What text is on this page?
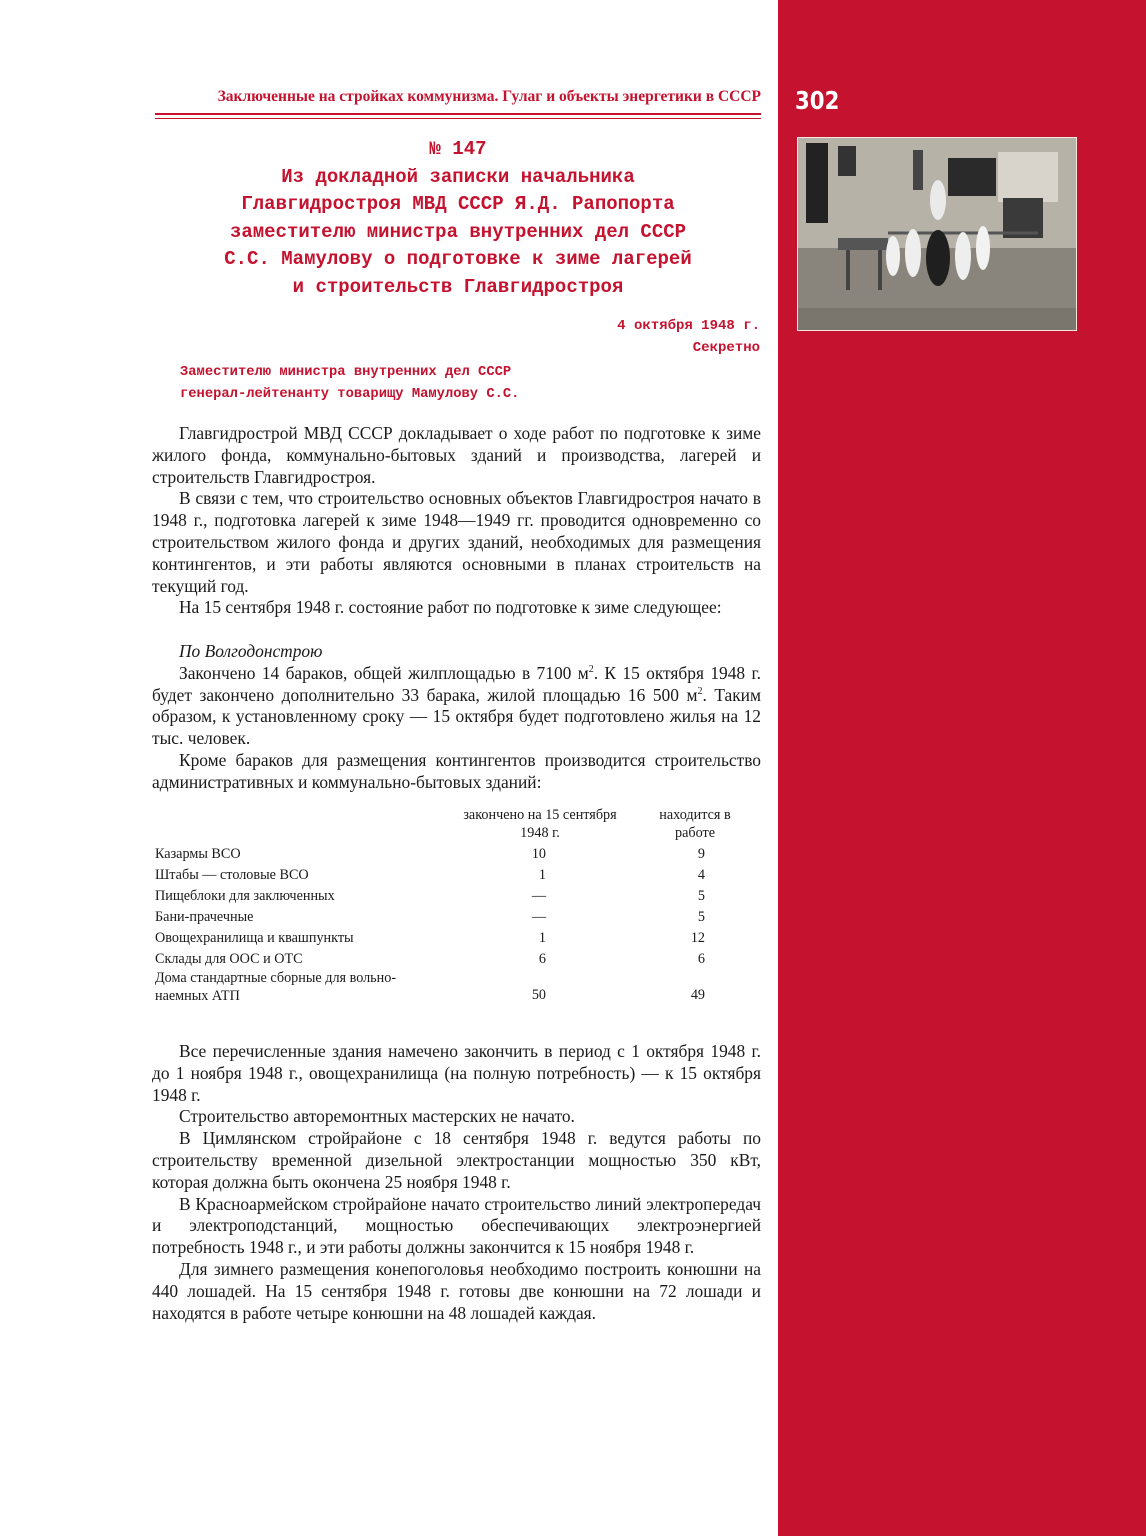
302
Заключенные на стройках коммунизма. Гулаг и объекты энергетики в СССР
№ 147
Из докладной записки начальника
Главгидростроя МВД СССР Я.Д. Рапопорта
заместителю министра внутренних дел СССР
С.С. Мамулову о подготовке к зиме лагерей
и строительств Главгидростроя
4 октября 1948 г.
Секретно
Заместителю министра внутренних дел СССР
генерал-лейтенанту товарищу Мамулову С.С.

Главгидрострой МВД СССР докладывает о ходе работ по подготовке к зиме жилого фонда, коммунально-бытовых зданий и производства, лагерей и строительств Главгидростроя.

В связи с тем, что строительство основных объектов Главгидростроя начато в 1948 г., подготовка лагерей к зиме 1948—1949 гг. проводится одновременно со строительством жилого фонда и других зданий, необходимых для размещения контингентов, и эти работы являются основными в планах строительств на текущий год.

На 15 сентября 1948 г. состояние работ по подготовке к зиме следующее:

По Волгодонстрою

Закончено 14 бараков, общей жилплощадью в 7100 $м^2$. К 15 октября 1948 г. будет закончено дополнительно 33 барака, жилой площадью 16 500 $м^2$. Таким образом, к установленному сроку — 15 октября будет подготовлено жилья на 12 тыс. человек.

Кроме бараков для размещения контингентов производится строительство административных и коммунально-бытовых зданий:

закончено на 15 сентября
1948 г.
находится в
работе
Казармы ВСО	10	9
Штабы — столовые ВСО	1	4
Пищеблоки для заключенных	—	5
Бани-прачечные	—	5
Овощехранилища и квашпункты	1	12
Склады для ООС и ОТС	6	6
Дома стандартные сборные для вольно-
наемных АТП	50	49

Все перечисленные здания намечено закончить в период с 1 октября 1948 г. до 1 ноября 1948 г., овощехранилища (на полную потребность) — к 15 октября 1948 г.

Строительство авторемонтных мастерских не начато.

В Цимлянском стройрайоне с 18 сентября 1948 г. ведутся работы по строительству временной дизельной электростанции мощностью 350 кВт, которая должна быть окончена 25 ноября 1948 г.

В Красноармейском стройрайоне начато строительство линий электропередач и электроподстанций, мощностью обеспечивающих электроэнергией потребность 1948 г., и эти работы должны закончится к 15 ноября 1948 г.

Для зимнего размещения конепоголовья необходимо построить конюшни на 440 лошадей. На 15 сентября 1948 г. готовы две конюшни на 72 лошади и находятся в работе четыре конюшни на 48 лошадей каждая.
